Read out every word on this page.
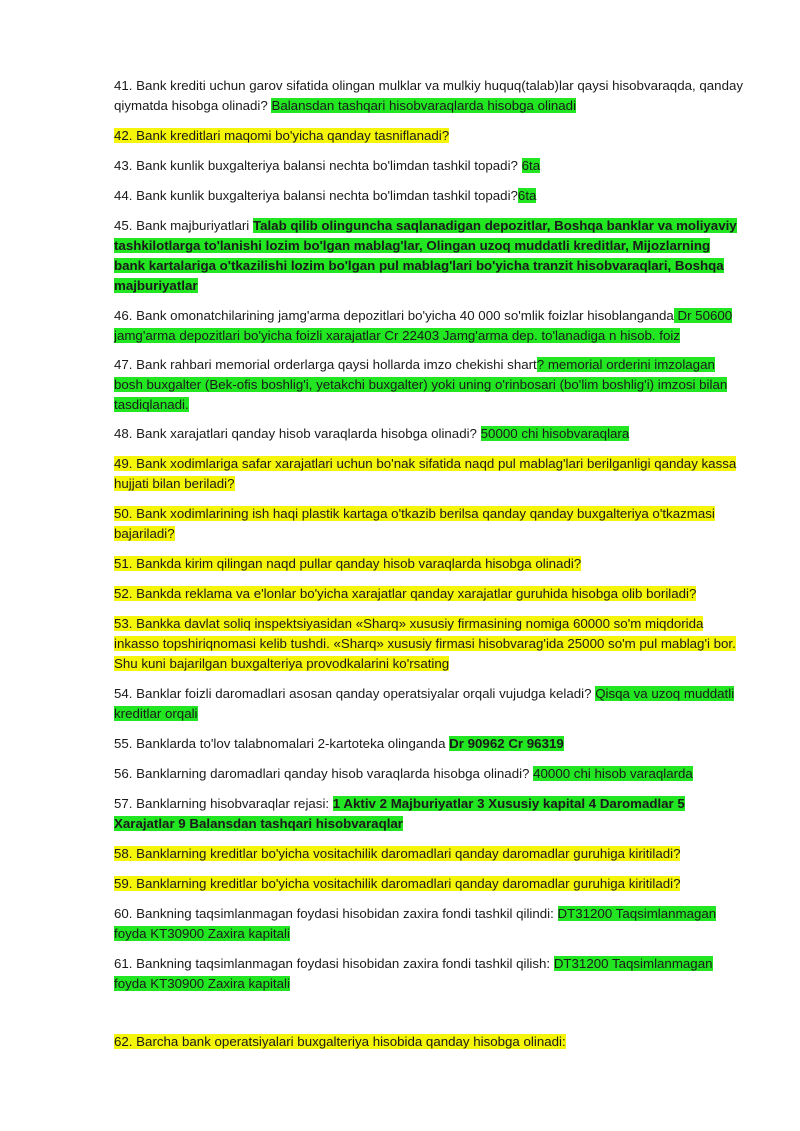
41. Bank krediti uchun garov sifatida olingan mulklar va mulkiy huquq(talab)lar qaysi hisobvaraqda, qanday qiymatda hisobga olinadi? Balansdan tashqari hisobvaraqlarda hisobga olinadi

42. Bank kreditlari maqomi bo'yicha qanday tasniflanadi?

43. Bank kunlik buxgalteriya balansi nechta bo'limdan tashkil topadi? 6ta

44. Bank kunlik buxgalteriya balansi nechta bo'limdan tashkil topadi?6ta

45. Bank majburiyatlari Talab qilib olinguncha saqlanadigan depozitlar, Boshqa banklar va moliyaviy tashkilotlarga to'lanishi lozim bo'lgan mablag'lar, Olingan uzoq muddatli kreditlar, Mijozlarning bank kartalariga o'tkazilishi lozim bo'lgan pul mablag'lari bo'yicha tranzit hisobvaraqlari, Boshqa majburiyatlar

46. Bank omonatchilarining jamg'arma depozitlari bo'yicha 40 000 so'mlik foizlar hisoblanganda Dr 50600 jamg'arma depozitlari bo'yicha foizli xarajatlar Cr 22403 Jamg'arma dep. to'lanadiga n hisob. foiz

47. Bank rahbari memorial orderlarga qaysi hollarda imzo chekishi shart? memorial orderini imzolagan bosh buxgalter (Bek-ofis boshlig'i, yetakchi buxgalter) yoki uning o'rinbosari (bo'lim boshlig'i) imzosi bilan tasdiqlanadi.

48. Bank xarajatlari qanday hisob varaqlarda hisobga olinadi? 50000 chi hisobvaraqlara

49. Bank xodimlariga safar xarajatlari uchun bo'nak sifatida naqd pul mablag'lari berilganligi qanday kassa hujjati bilan beriladi?

50. Bank xodimlarining ish haqi plastik kartaga o'tkazib berilsa qanday qanday buxgalteriya o'tkazmasi bajariladi?

51. Bankda kirim qilingan naqd pullar qanday hisob varaqlarda hisobga olinadi?

52. Bankda reklama va e'lonlar bo'yicha xarajatlar qanday xarajatlar guruhida hisobga olib boriladi?

53. Bankka davlat soliq inspektsiyasidan «Sharq» xususiy firmasining nomiga 60000 so'm miqdorida inkasso topshiriqnomasi kelib tushdi. «Sharq» xususiy firmasi hisobvarag'ida 25000 so'm pul mablag'i bor. Shu kuni bajarilgan buxgalteriya provodkalarini ko'rsating

54. Banklar foizli daromadlari asosan qanday operatsiyalar orqali vujudga keladi? Qisqa va uzoq muddatli kreditlar orqali

55. Banklarda to'lov talabnomalari 2-kartoteka olinganda Dr 90962 Cr 96319

56. Banklarning daromadlari qanday hisob varaqlarda hisobga olinadi? 40000 chi hisob varaqlarda

57. Banklarning hisobvaraqlar rejasi: 1 Aktiv 2 Majburiyatlar 3 Xususiy kapital 4 Daromadlar 5 Xarajatlar 9 Balansdan tashqari hisobvaraqlar

58. Banklarning kreditlar bo'yicha vositachilik daromadlari qanday daromadlar guruhiga kiritiladi?

59. Banklarning kreditlar bo'yicha vositachilik daromadlari qanday daromadlar guruhiga kiritiladi?

60. Bankning taqsimlanmagan foydasi hisobidan zaxira fondi tashkil qilindi: DT31200 Taqsimlanmagan foyda KT30900 Zaxira kapitali

61. Bankning taqsimlanmagan foydasi hisobidan zaxira fondi tashkil qilish: DT31200 Taqsimlanmagan foyda KT30900 Zaxira kapitali

62. Barcha bank operatsiyalari buxgalteriya hisobida qanday hisobga olinadi:
